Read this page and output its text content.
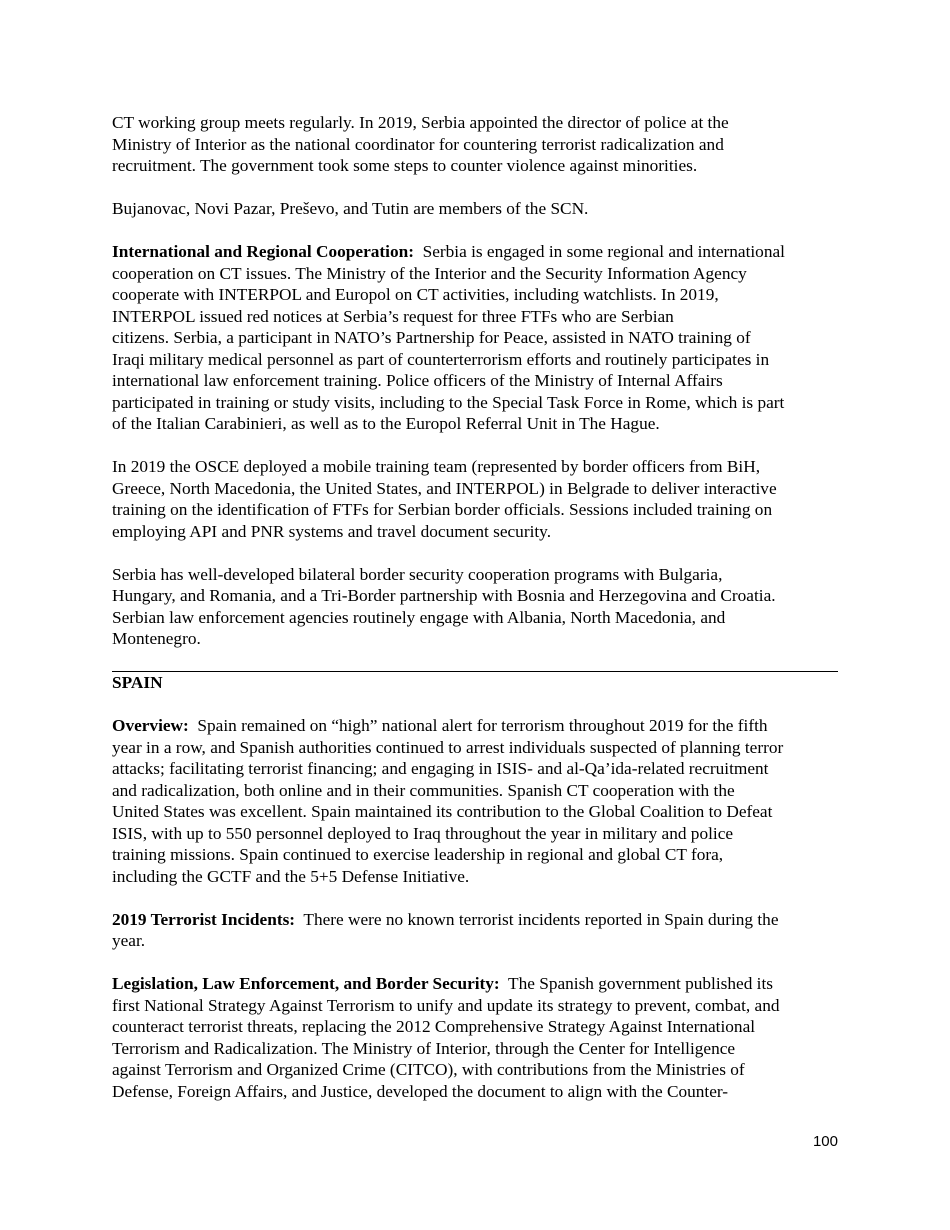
CT working group meets regularly. In 2019, Serbia appointed the director of police at the
Ministry of Interior as the national coordinator for countering terrorist radicalization and
recruitment. The government took some steps to counter violence against minorities.
Bujanovac, Novi Pazar, Preševo, and Tutin are members of the SCN.
International and Regional Cooperation:  Serbia is engaged in some regional and international
cooperation on CT issues. The Ministry of the Interior and the Security Information Agency
cooperate with INTERPOL and Europol on CT activities, including watchlists. In 2019,
INTERPOL issued red notices at Serbia’s request for three FTFs who are Serbian
citizens. Serbia, a participant in NATO’s Partnership for Peace, assisted in NATO training of
Iraqi military medical personnel as part of counterterrorism efforts and routinely participates in
international law enforcement training. Police officers of the Ministry of Internal Affairs
participated in training or study visits, including to the Special Task Force in Rome, which is part
of the Italian Carabinieri, as well as to the Europol Referral Unit in The Hague.
In 2019 the OSCE deployed a mobile training team (represented by border officers from BiH,
Greece, North Macedonia, the United States, and INTERPOL) in Belgrade to deliver interactive
training on the identification of FTFs for Serbian border officials. Sessions included training on
employing API and PNR systems and travel document security.
Serbia has well-developed bilateral border security cooperation programs with Bulgaria,
Hungary, and Romania, and a Tri-Border partnership with Bosnia and Herzegovina and Croatia.
Serbian law enforcement agencies routinely engage with Albania, North Macedonia, and
Montenegro.
SPAIN
Overview:  Spain remained on “high” national alert for terrorism throughout 2019 for the fifth
year in a row, and Spanish authorities continued to arrest individuals suspected of planning terror
attacks; facilitating terrorist financing; and engaging in ISIS- and al-Qa’ida-related recruitment
and radicalization, both online and in their communities. Spanish CT cooperation with the
United States was excellent. Spain maintained its contribution to the Global Coalition to Defeat
ISIS, with up to 550 personnel deployed to Iraq throughout the year in military and police
training missions. Spain continued to exercise leadership in regional and global CT fora,
including the GCTF and the 5+5 Defense Initiative.
2019 Terrorist Incidents:  There were no known terrorist incidents reported in Spain during the
year.
Legislation, Law Enforcement, and Border Security:  The Spanish government published its
first National Strategy Against Terrorism to unify and update its strategy to prevent, combat, and
counteract terrorist threats, replacing the 2012 Comprehensive Strategy Against International
Terrorism and Radicalization. The Ministry of Interior, through the Center for Intelligence
against Terrorism and Organized Crime (CITCO), with contributions from the Ministries of
Defense, Foreign Affairs, and Justice, developed the document to align with the Counter-
100
